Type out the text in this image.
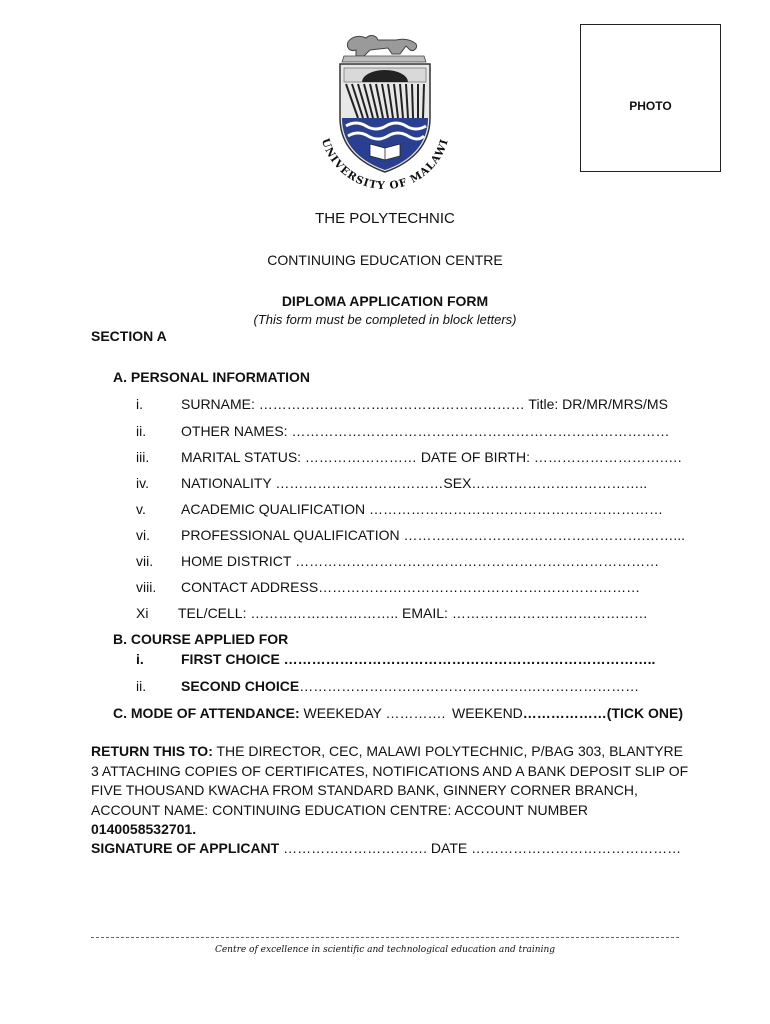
PHOTO
UNIVERSITY OF MALAWI
THE POLYTECHNIC
CONTINUING EDUCATION CENTRE
DIPLOMA APPLICATION FORM
(This form must be completed in block letters)
SECTION A
A. PERSONAL INFORMATION
i.	SURNAME: ………………………………………………… Title: DR/MR/MRS/MS
ii. OTHER NAMES: ………………………………………………………………………
iii. MARITAL STATUS: …………………… DATE OF BIRTH: ……………………….….
iv. NATIONALITY ………………………………SEX………………………………..
v.	ACADEMIC QUALIFICATION ………………………………………………………
vi. PROFESSIONAL QUALIFICATION …………………………………………….……...
vii. HOME DISTRICT ……………………………………………………………………
viii. CONTACT ADDRESS……………………………………………………………
Xi TEL/CELL: ………………………….. EMAIL: ……………………………………
B. COURSE APPLIED FOR
i.	FIRST CHOICE ……………………………………………………………………..
ii. SECOND CHOICE………………………………………….……………………
C. MODE OF ATTENDANCE: WEEKEDAY …………. WEEKEND………………(TICK ONE)
RETURN THIS TO: THE DIRECTOR, CEC, MALAWI POLYTECHNIC, P/BAG 303, BLANTYRE 3 ATTACHING COPIES OF CERTIFICATES, NOTIFICATIONS AND A BANK DEPOSIT SLIP OF FIVE THOUSAND KWACHA FROM STANDARD BANK, GINNERY CORNER BRANCH, ACCOUNT NAME: CONTINUING EDUCATION CENTRE: ACCOUNT NUMBER 0140058532701.
SIGNATURE OF APPLICANT …………………………. DATE ………………………………………
Centre of excellence in scientific and technological education and training
